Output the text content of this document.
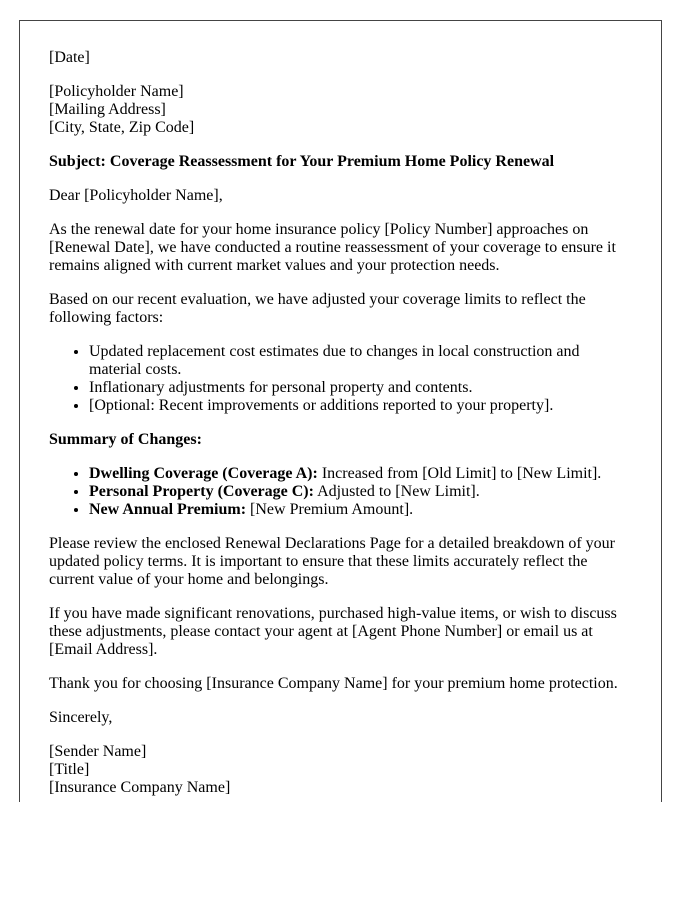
[Date]

[Policyholder Name]
[Mailing Address]
[City, State, Zip Code]

Subject: Coverage Reassessment for Your Premium Home Policy Renewal

Dear [Policyholder Name],

As the renewal date for your home insurance policy [Policy Number] approaches on [Renewal Date], we have conducted a routine reassessment of your coverage to ensure it remains aligned with current market values and your protection needs.

Based on our recent evaluation, we have adjusted your coverage limits to reflect the following factors:

• Updated replacement cost estimates due to changes in local construction and material costs.
• Inflationary adjustments for personal property and contents.
• [Optional: Recent improvements or additions reported to your property].

Summary of Changes:

• Dwelling Coverage (Coverage A): Increased from [Old Limit] to [New Limit].
• Personal Property (Coverage C): Adjusted to [New Limit].
• New Annual Premium: [New Premium Amount].

Please review the enclosed Renewal Declarations Page for a detailed breakdown of your updated policy terms. It is important to ensure that these limits accurately reflect the current value of your home and belongings.

If you have made significant renovations, purchased high-value items, or wish to discuss these adjustments, please contact your agent at [Agent Phone Number] or email us at [Email Address].

Thank you for choosing [Insurance Company Name] for your premium home protection.

Sincerely,

[Sender Name]
[Title]
[Insurance Company Name]
